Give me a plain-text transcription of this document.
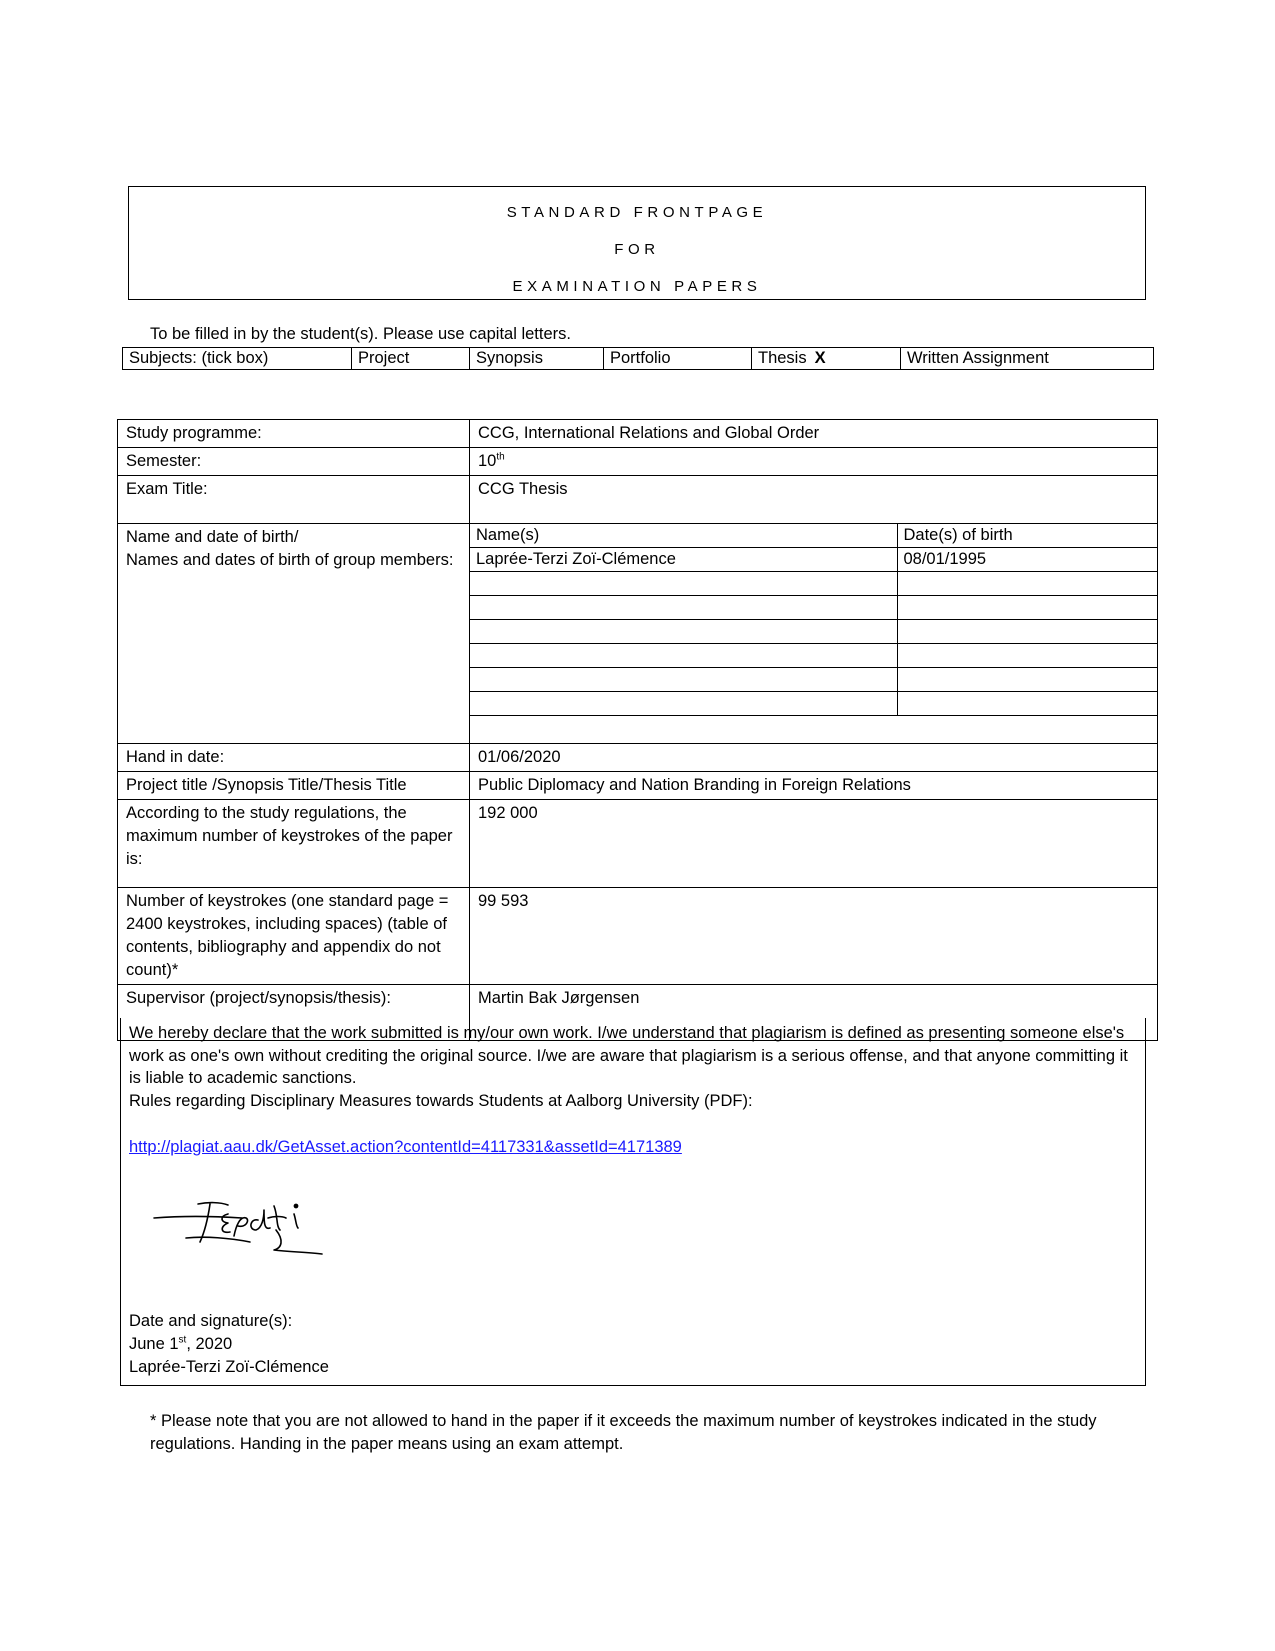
STANDARD FRONTPAGE
FOR
EXAMINATION PAPERS
To be filled in by the student(s). Please use capital letters.
Subjects: (tick box)	Project	Synopsis	Portfolio	Thesis X	Written Assignment
Study programme:	CCG, International Relations and Global Order
Semester:	10th
Exam Title:	CCG Thesis

Name and date of birth/
Names and dates of birth of group members:

Name(s)	Date(s) of birth
Laprée-Terzi Zoï-Clémence	08/01/1995

Hand in date:	01/06/2020
Project title /Synopsis Title/Thesis Title	Public Diplomacy and Nation Branding in Foreign Relations
According to the study regulations, the maximum number of keystrokes of the paper is:	192 000
Number of keystrokes (one standard page = 2400 keystrokes, including spaces) (table of contents, bibliography and appendix do not count)*	99 593
Supervisor (project/synopsis/thesis):	Martin Bak Jørgensen

We hereby declare that the work submitted is my/our own work. I/we understand that plagiarism is defined as presenting someone else's work as one's own without crediting the original source. I/we are aware that plagiarism is a serious offense, and that anyone committing it is liable to academic sanctions.

Rules regarding Disciplinary Measures towards Students at Aalborg University (PDF):

http://plagiat.aau.dk/GetAsset.action?contentId=4117331&assetId=4171389

Date and signature(s):

June 1st, 2020

Laprée-Terzi Zoï-Clémence

* Please note that you are not allowed to hand in the paper if it exceeds the maximum number of keystrokes indicated in the study regulations. Handing in the paper means using an exam attempt.
